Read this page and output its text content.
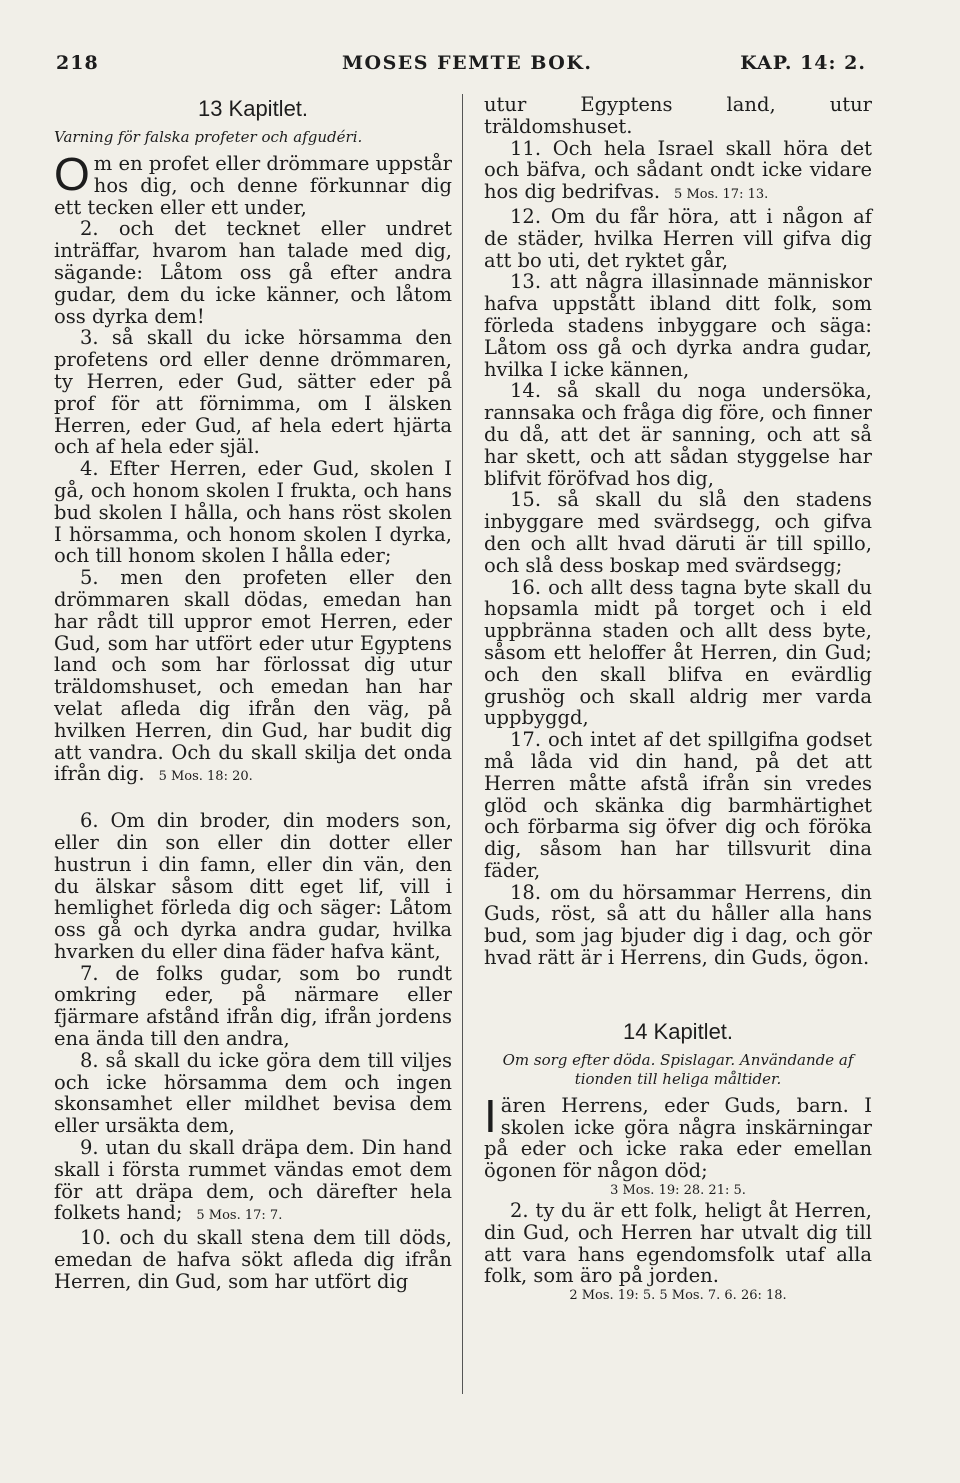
218	MOSES FEMTE BOK.	KAP. 14: 2.
13 Kapitlet.
Varning för falska profeter och afgudéri.

Om en profet eller drömmare uppstår hos dig, och denne förkunnar dig ett tecken eller ett under,

2. och det tecknet eller undret inträffar, hvarom han talade med dig, sägande: Låtom oss gå efter andra gudar, dem du icke känner, och låtom oss dyrka dem!

3. så skall du icke hörsamma den profetens ord eller denne drömmaren, ty Herren, eder Gud, sätter eder på prof för att förnimma, om I älsken Herren, eder Gud, af hela edert hjärta och af hela eder själ.

4. Efter Herren, eder Gud, skolen I gå, och honom skolen I frukta, och hans bud skolen I hålla, och hans röst skolen I hörsamma, och honom skolen I dyrka, och till honom skolen I hålla eder;

5. men den profeten eller den drömmaren skall dödas, emedan han har rådt till uppror emot Herren, eder Gud, som har utfört eder utur Egyptens land och som har förlossat dig utur träldomshuset, och emedan han har velat afleda dig ifrån den väg, på hvilken Herren, din Gud, har budit dig att vandra. Och du skall skilja det onda ifrån dig. 5 Mos. 18: 20.

6. Om din broder, din moders son, eller din son eller din dotter eller hustrun i din famn, eller din vän, den du älskar såsom ditt eget lif, vill i hemlighet förleda dig och säger: Låtom oss gå och dyrka andra gudar, hvilka hvarken du eller dina fäder hafva känt,

7. de folks gudar, som bo rundt omkring eder, på närmare eller fjärmare afstånd ifrån dig, ifrån jordens ena ända till den andra,

8. så skall du icke göra dem till viljes och icke hörsamma dem och ingen skonsamhet eller mildhet bevisa dem eller ursäkta dem,

9. utan du skall dräpa dem. Din hand skall i första rummet vändas emot dem för att dräpa dem, och därefter hela folkets hand; 5 Mos. 17: 7.

10. och du skall stena dem till döds, emedan de hafva sökt afleda dig ifrån Herren, din Gud, som har utfört dig

utur Egyptens land, utur träldomshuset.

11. Och hela Israel skall höra det och bäfva, och sådant ondt icke vidare hos dig bedrifvas. 5 Mos. 17: 13.

12. Om du får höra, att i någon af de städer, hvilka Herren vill gifva dig att bo uti, det ryktet går,

13. att några illasinnade människor hafva uppstått ibland ditt folk, som förleda stadens inbyggare och säga: Låtom oss gå och dyrka andra gudar, hvilka I icke kännen,

14. så skall du noga undersöka, rannsaka och fråga dig före, och finner du då, att det är sanning, och att så har skett, och att sådan styggelse har blifvit föröfvad hos dig,

15. så skall du slå den stadens inbyggare med svärdsegg, och gifva den och allt hvad däruti är till spillo, och slå dess boskap med svärdsegg;

16. och allt dess tagna byte skall du hopsamla midt på torget och i eld uppbränna staden och allt dess byte, såsom ett heloffer åt Herren, din Gud; och den skall blifva en evärdlig grushög och skall aldrig mer varda uppbyggd,

17. och intet af det spillgifna godset må låda vid din hand, på det att Herren måtte afstå ifrån sin vredes glöd och skänka dig barmhärtighet och förbarma sig öfver dig och föröka dig, såsom han har tillsvurit dina fäder,

18. om du hörsammar Herrens, din Guds, röst, så att du håller alla hans bud, som jag bjuder dig i dag, och gör hvad rätt är i Herrens, din Guds, ögon.

14 Kapitlet.
Om sorg efter döda. Spislagar. Användande af tionden till heliga måltider.

Iären Herrens, eder Guds, barn. I skolen icke göra några inskärningar på eder och icke raka eder emellan ögonen för någon död;

3 Mos. 19: 28. 21: 5.

2. ty du är ett folk, heligt åt Herren, din Gud, och Herren har utvalt dig till att vara hans egendomsfolk utaf alla folk, som äro på jorden.

2 Mos. 19: 5. 5 Mos. 7. 6. 26: 18.
